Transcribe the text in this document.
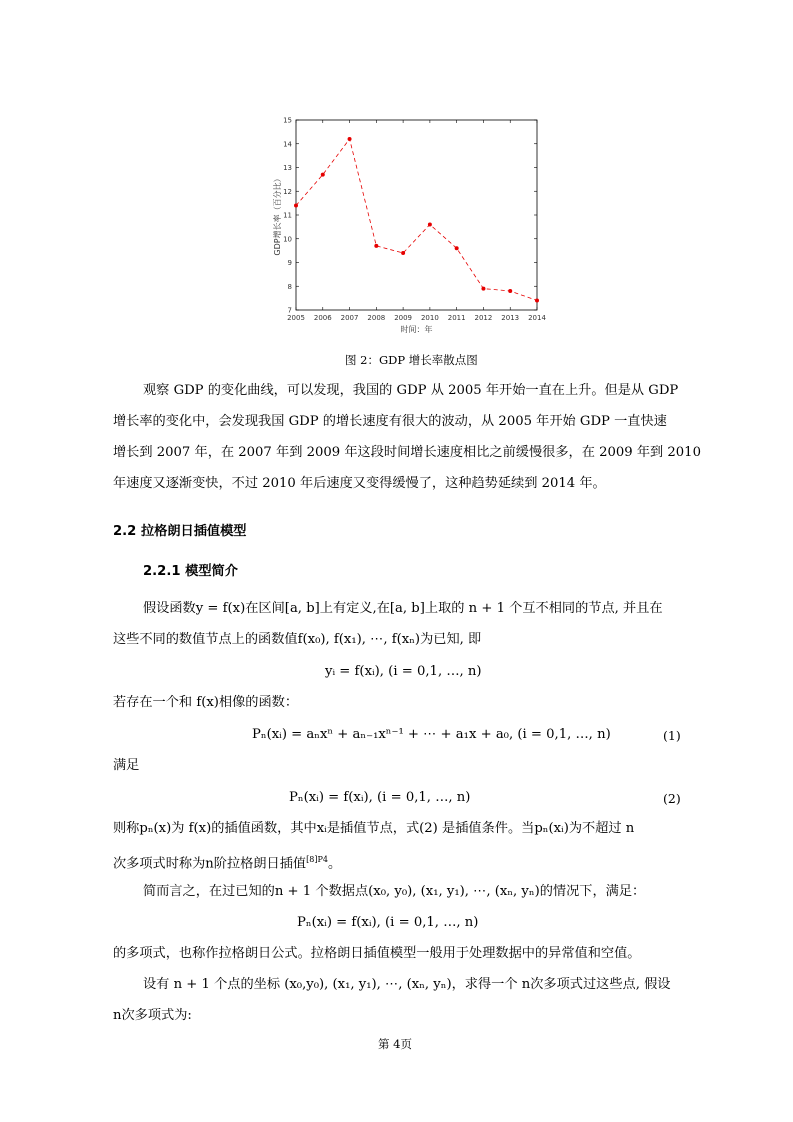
7
8
9
10
11
12
13
14
15
2005 2006 2007 2008 2009 2010 2011 2012 2013 2014
时间：年
GDP增长率（百分比）
图 2：GDP 增长率散点图
观察 GDP 的变化曲线，可以发现，我国的 GDP 从 2005 年开始一直在上升。但是从 GDP
增长率的变化中，会发现我国 GDP 的增长速度有很大的波动，从 2005 年开始 GDP 一直快速
增长到 2007 年，在 2007 年到 2009 年这段时间增长速度相比之前缓慢很多，在 2009 年到 2010
年速度又逐渐变快，不过 2010 年后速度又变得缓慢了，这种趋势延续到 2014 年。
2.2 拉格朗日插值模型
2.2.1 模型简介
假设函数y = f(x)在区间[a, b]上有定义,在[a, b]上取的 n + 1 个互不相同的节点, 并且在
这些不同的数值节点上的函数值f(x₀), f(x₁), ⋯, f(xₙ)为已知, 即
yᵢ = f(xᵢ), (i = 0,1, …, n)
若存在一个和 f(x)相像的函数：
Pₙ(xᵢ) = aₙxⁿ + aₙ₋₁xⁿ⁻¹ + ⋯ + a₁x + a₀, (i = 0,1, …, n)	(1)
满足
Pₙ(xᵢ) = f(xᵢ), (i = 0,1, …, n)	(2)
则称pₙ(x)为 f(x)的插值函数，其中xᵢ是插值节点，式(2) 是插值条件。当pₙ(xᵢ)为不超过 n
次多项式时称为n阶拉格朗日插值$^{[8]P4}$。
简而言之，在过已知的n + 1 个数据点(x₀, y₀), (x₁, y₁), ⋯, (xₙ, yₙ)的情况下，满足：
Pₙ(xᵢ) = f(xᵢ), (i = 0,1, …, n)
的多项式，也称作拉格朗日公式。拉格朗日插值模型一般用于处理数据中的异常值和空值。
设有 n + 1 个点的坐标 (x₀,y₀), (x₁, y₁), ⋯, (xₙ, yₙ)，求得一个 n次多项式过这些点, 假设
n次多项式为:
第 4页
